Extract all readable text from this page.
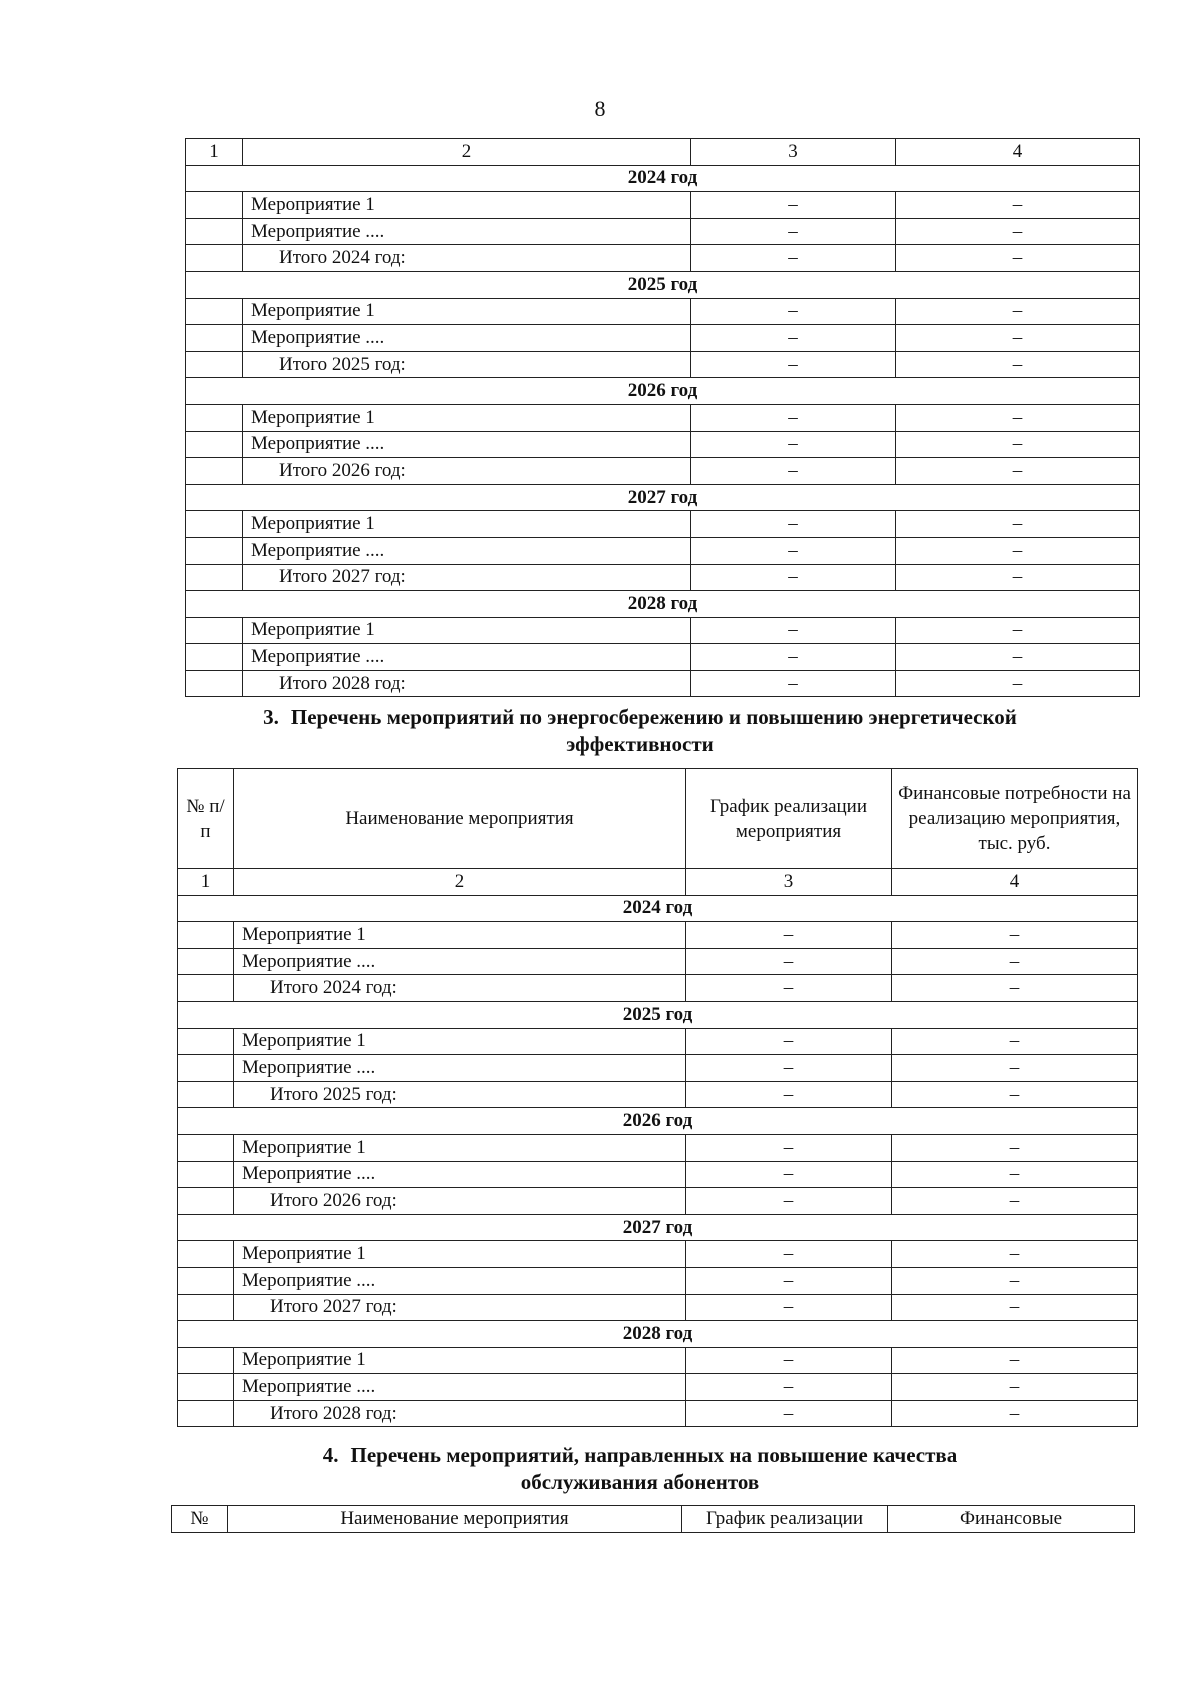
8
1	2	3	4
2024 год			
	Мероприятие 1	–	–
	Мероприятие ....	–	–
	Итого 2024 год:	–	–
2025 год			
	Мероприятие 1	–	–
	Мероприятие ....	–	–
	Итого 2025 год:	–	–
2026 год			
	Мероприятие 1	–	–
	Мероприятие ....	–	–
	Итого 2026 год:	–	–
2027 год			
	Мероприятие 1	–	–
	Мероприятие ....	–	–
	Итого 2027 год:	–	–
2028 год			
	Мероприятие 1	–	–
	Мероприятие ....	–	–
	Итого 2028 год:	–	–
3. Перечень мероприятий по энергосбережению и повышению энергетической
эффективности
№ п/п	Наименование мероприятия	График реализации мероприятия	Финансовые потребности на реализацию мероприятия, тыс. руб.
1	2	3	4
2024 год			
	Мероприятие 1	–	–
	Мероприятие ....	–	–
	Итого 2024 год:	–	–
2025 год			
	Мероприятие 1	–	–
	Мероприятие ....	–	–
	Итого 2025 год:	–	–
2026 год			
	Мероприятие 1	–	–
	Мероприятие ....	–	–
	Итого 2026 год:	–	–
2027 год			
	Мероприятие 1	–	–
	Мероприятие ....	–	–
	Итого 2027 год:	–	–
2028 год			
	Мероприятие 1	–	–
	Мероприятие ....	–	–
	Итого 2028 год:	–	–
4. Перечень мероприятий, направленных на повышение качества
обслуживания абонентов
№	Наименование мероприятия	График реализации	Финансовые
